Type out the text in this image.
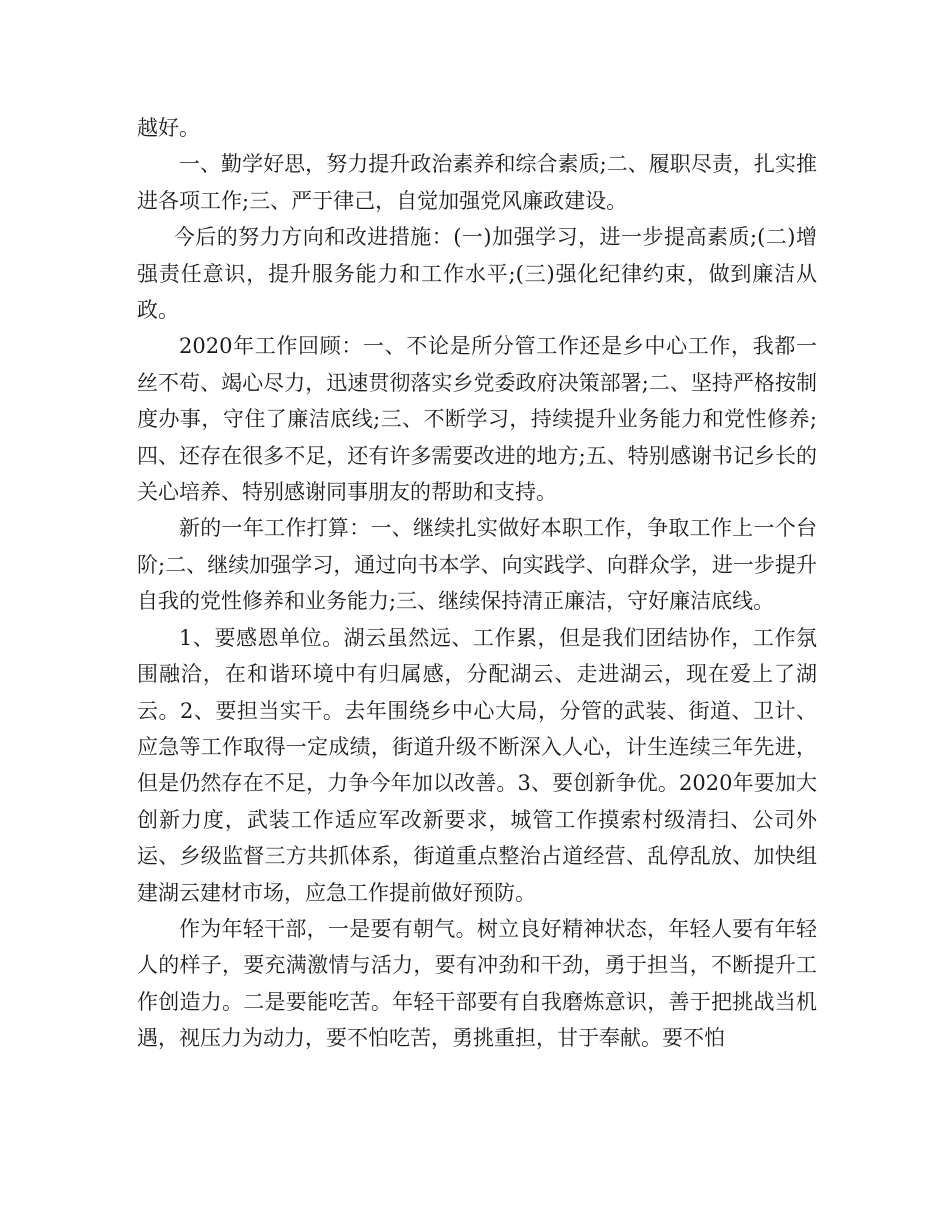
越好。

一、勤学好思，努力提升政治素养和综合素质;二、履职尽责，扎实推进各项工作;三、严于律己，自觉加强党风廉政建设。

今后的努力方向和改进措施：(一)加强学习，进一步提高素质;(二)增强责任意识，提升服务能力和工作水平;(三)强化纪律约束，做到廉洁从政。

2020年工作回顾：一、不论是所分管工作还是乡中心工作，我都一丝不苟、竭心尽力，迅速贯彻落实乡党委政府决策部署;二、坚持严格按制度办事，守住了廉洁底线;三、不断学习，持续提升业务能力和党性修养;四、还存在很多不足，还有许多需要改进的地方;五、特别感谢书记乡长的关心培养、特别感谢同事朋友的帮助和支持。

新的一年工作打算：一、继续扎实做好本职工作，争取工作上一个台阶;二、继续加强学习，通过向书本学、向实践学、向群众学，进一步提升自我的党性修养和业务能力;三、继续保持清正廉洁，守好廉洁底线。

1、要感恩单位。湖云虽然远、工作累，但是我们团结协作，工作氛围融洽，在和谐环境中有归属感，分配湖云、走进湖云，现在爱上了湖云。2、要担当实干。去年围绕乡中心大局，分管的武装、街道、卫计、应急等工作取得一定成绩，街道升级不断深入人心，计生连续三年先进，但是仍然存在不足，力争今年加以改善。3、要创新争优。2020年要加大创新力度，武装工作适应军改新要求，城管工作摸索村级清扫、公司外运、乡级监督三方共抓体系，街道重点整治占道经营、乱停乱放、加快组建湖云建材市场，应急工作提前做好预防。

作为年轻干部，一是要有朝气。树立良好精神状态，年轻人要有年轻人的样子，要充满激情与活力，要有冲劲和干劲，勇于担当，不断提升工作创造力。二是要能吃苦。年轻干部要有自我磨炼意识，善于把挑战当机遇，视压力为动力，要不怕吃苦，勇挑重担，甘于奉献。要不怕
